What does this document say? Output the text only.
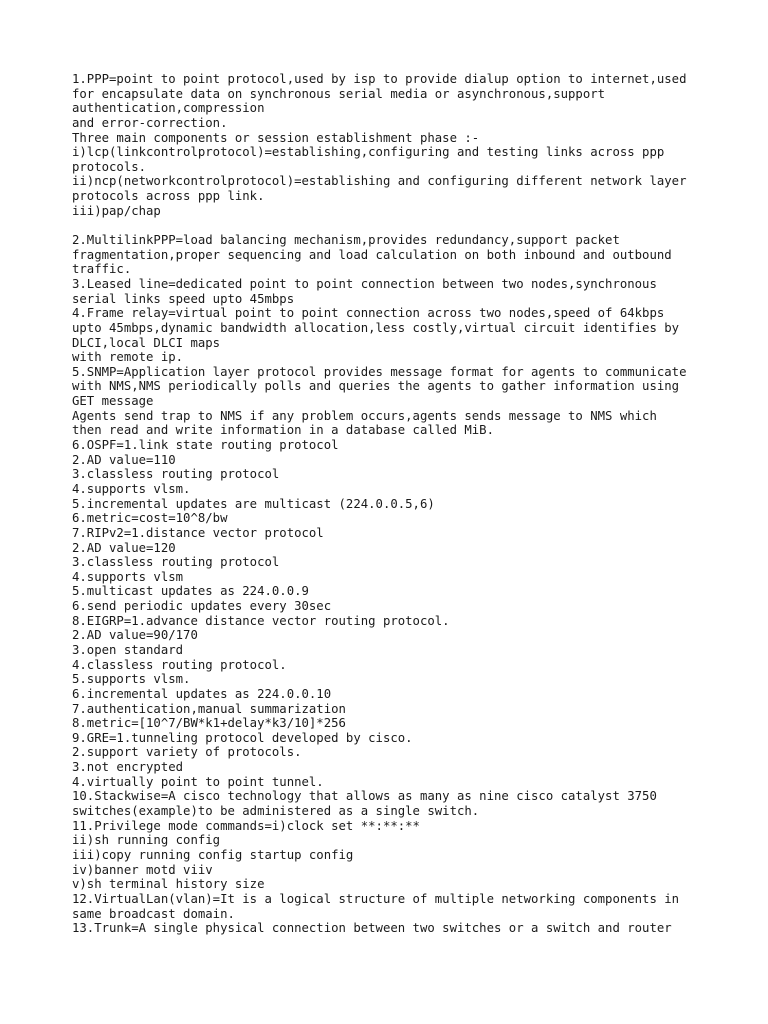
1.PPP=point to point protocol,used by isp to provide dialup option to internet,used
for encapsulate data on synchronous serial media or asynchronous,support
authentication,compression
and error-correction.
Three main components or session establishment phase :-
i)lcp(linkcontrolprotocol)=establishing,configuring and testing links across ppp
protocols.
ii)ncp(networkcontrolprotocol)=establishing and configuring different network layer
protocols across ppp link.
iii)pap/chap
2.MultilinkPPP=load balancing mechanism,provides redundancy,support packet
fragmentation,proper sequencing and load calculation on both inbound and outbound
traffic.
3.Leased line=dedicated point to point connection between two nodes,synchronous
serial links speed upto 45mbps
4.Frame relay=virtual point to point connection across two nodes,speed of 64kbps
upto 45mbps,dynamic bandwidth allocation,less costly,virtual circuit identifies by
DLCI,local DLCI maps
with remote ip.
5.SNMP=Application layer protocol provides message format for agents to communicate
with NMS,NMS periodically polls and queries the agents to gather information using
GET message
Agents send trap to NMS if any problem occurs,agents sends message to NMS which
then read and write information in a database called MiB.
6.OSPF=1.link state routing protocol
2.AD value=110
3.classless routing protocol
4.supports vlsm.
5.incremental updates are multicast (224.0.0.5,6)
6.metric=cost=10^8/bw
7.RIPv2=1.distance vector protocol
2.AD value=120
3.classless routing protocol
4.supports vlsm
5.multicast updates as 224.0.0.9
6.send periodic updates every 30sec
8.EIGRP=1.advance distance vector routing protocol.
2.AD value=90/170
3.open standard
4.classless routing protocol.
5.supports vlsm.
6.incremental updates as 224.0.0.10
7.authentication,manual summarization
8.metric=[10^7/BW*k1+delay*k3/10]*256
9.GRE=1.tunneling protocol developed by cisco.
2.support variety of protocols.
3.not encrypted
4.virtually point to point tunnel.
10.Stackwise=A cisco technology that allows as many as nine cisco catalyst 3750
switches(example)to be administered as a single switch.
11.Privilege mode commands=i)clock set **:**:**
ii)sh running config
iii)copy running config startup config
iv)banner motd viiv
v)sh terminal history size
12.VirtualLan(vlan)=It is a logical structure of multiple networking components in
same broadcast domain.
13.Trunk=A single physical connection between two switches or a switch and router
